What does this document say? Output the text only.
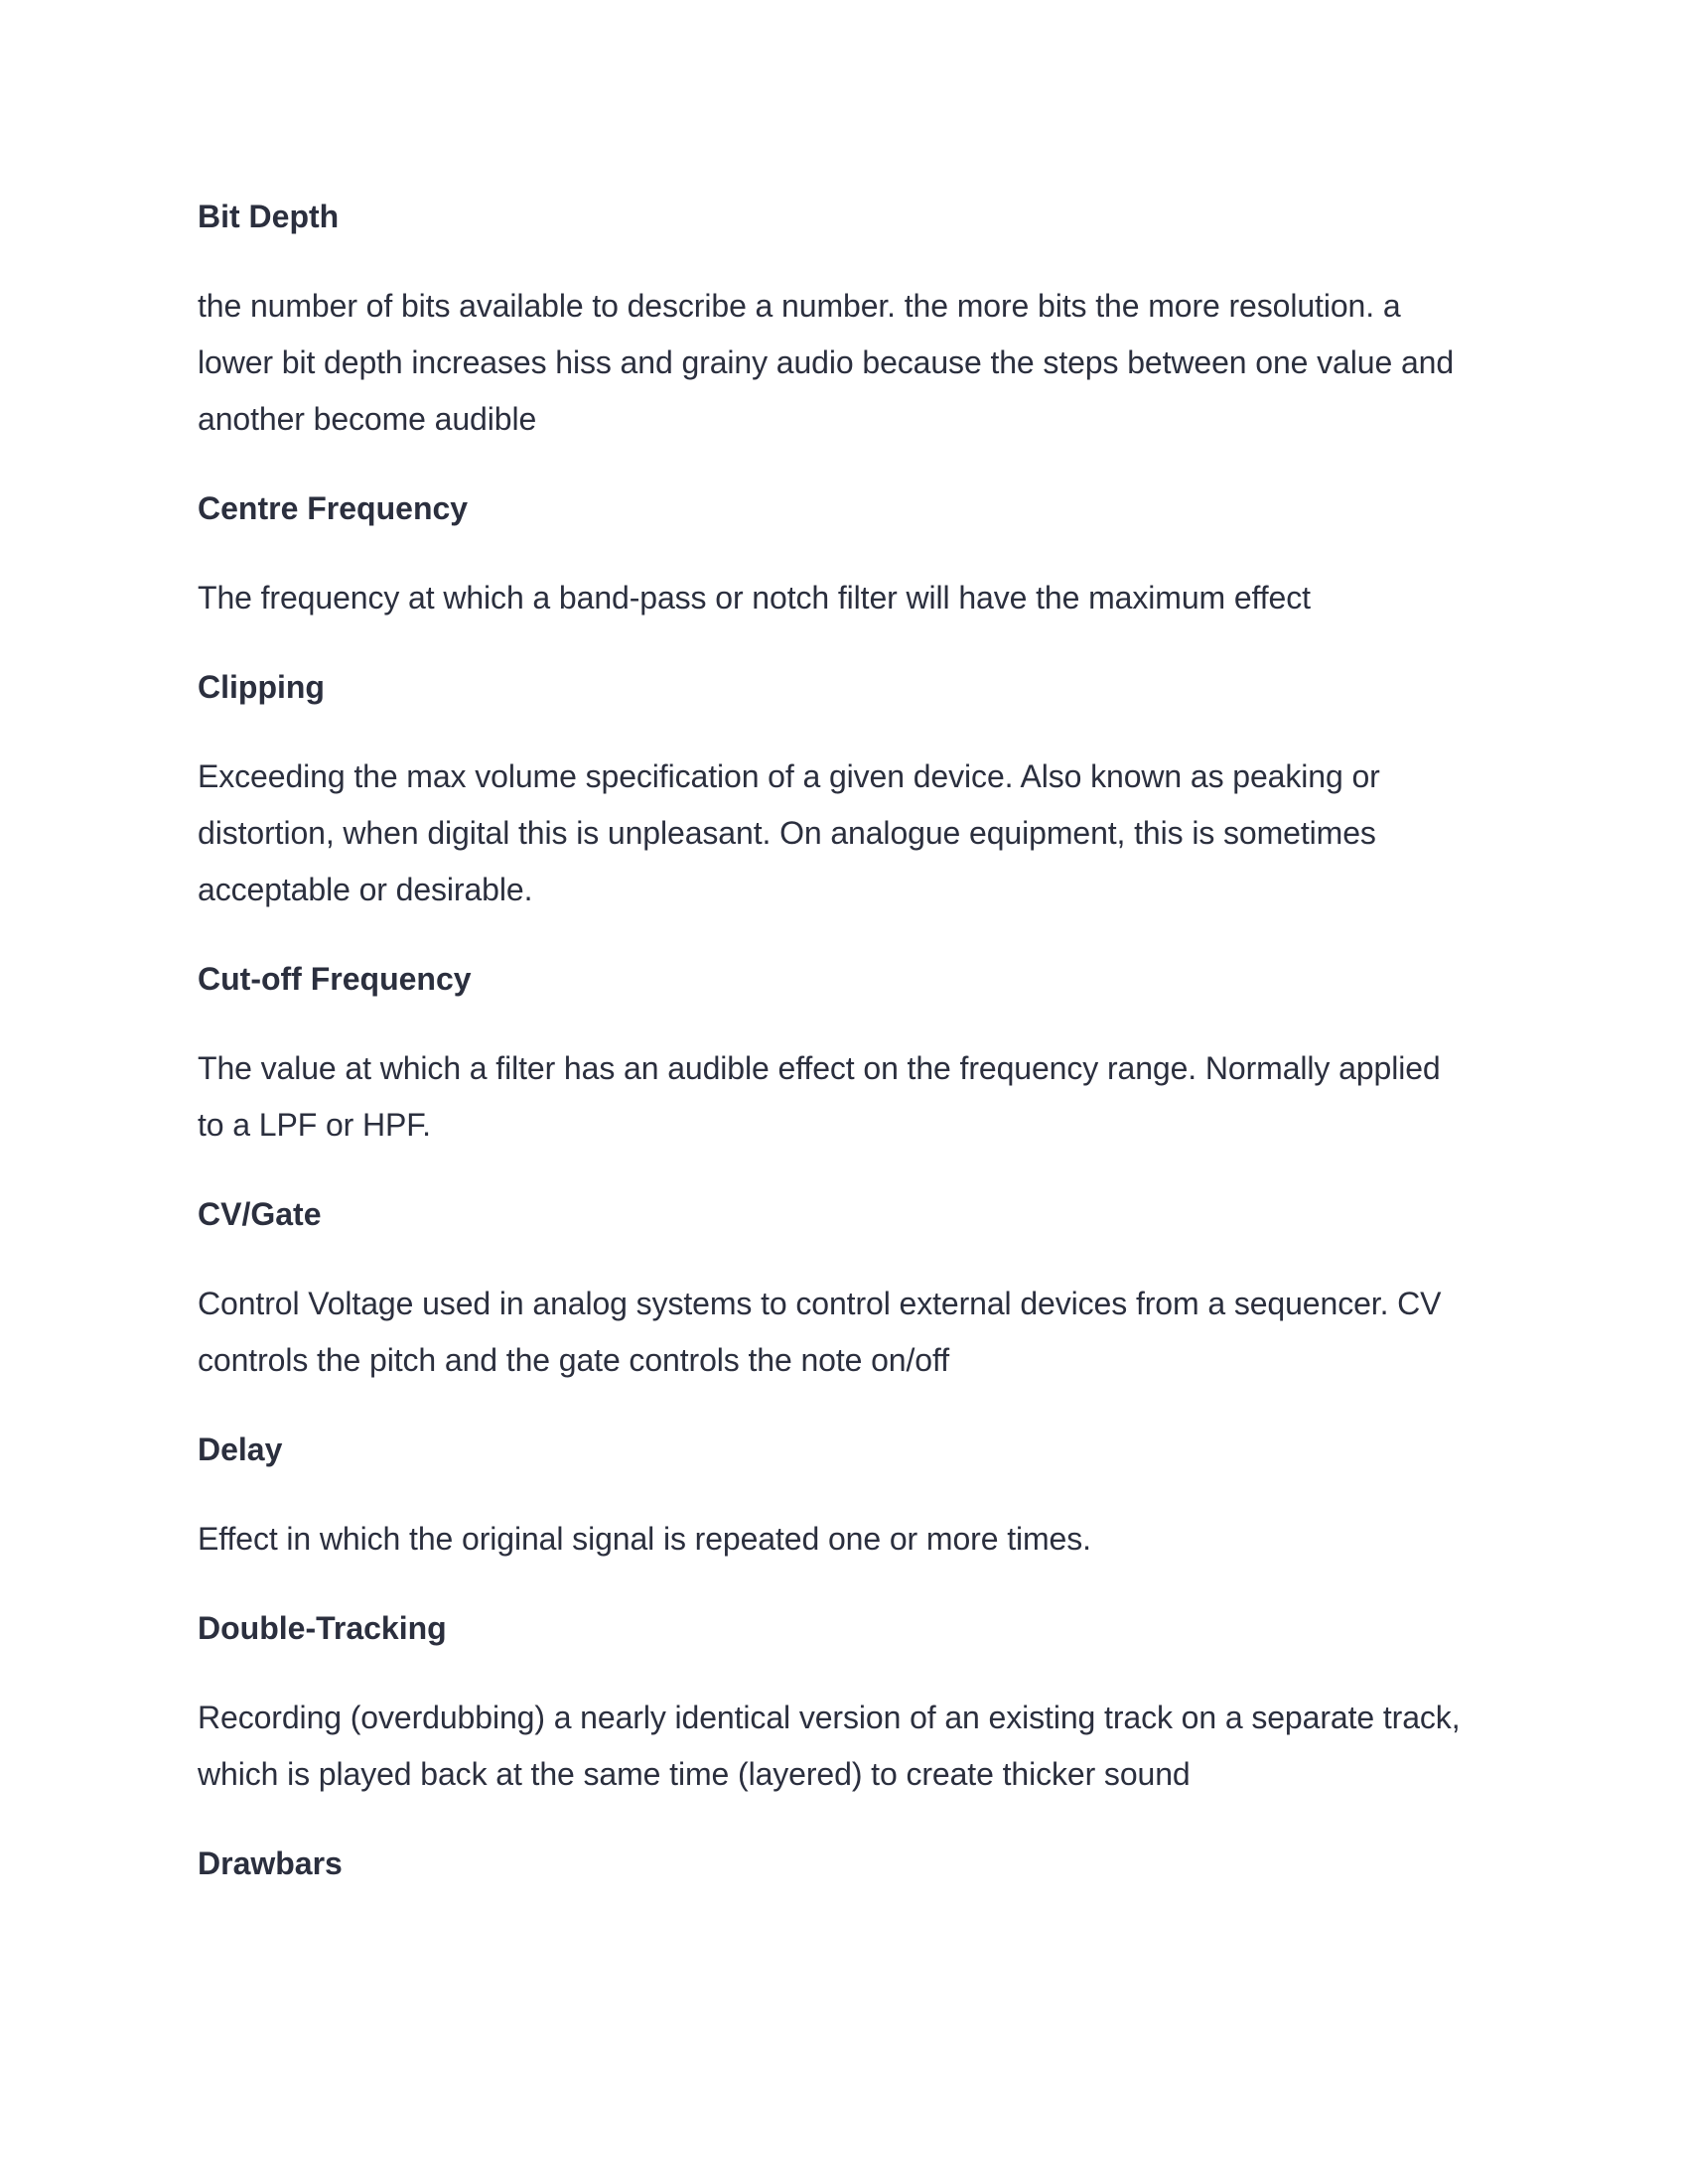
Bit Depth

the number of bits available to describe a number. the more bits the more resolution. a lower bit depth increases hiss and grainy audio because the steps between one value and another become audible

Centre Frequency

The frequency at which a band-pass or notch filter will have the maximum effect

Clipping

Exceeding the max volume specification of a given device. Also known as peaking or distortion, when digital this is unpleasant. On analogue equipment, this is sometimes acceptable or desirable.

Cut-off Frequency

The value at which a filter has an audible effect on the frequency range. Normally applied to a LPF or HPF.

CV/Gate

Control Voltage used in analog systems to control external devices from a sequencer. CV controls the pitch and the gate controls the note on/off

Delay

Effect in which the original signal is repeated one or more times.

Double-Tracking

Recording (overdubbing) a nearly identical version of an existing track on a separate track, which is played back at the same time (layered) to create thicker sound

Drawbars
